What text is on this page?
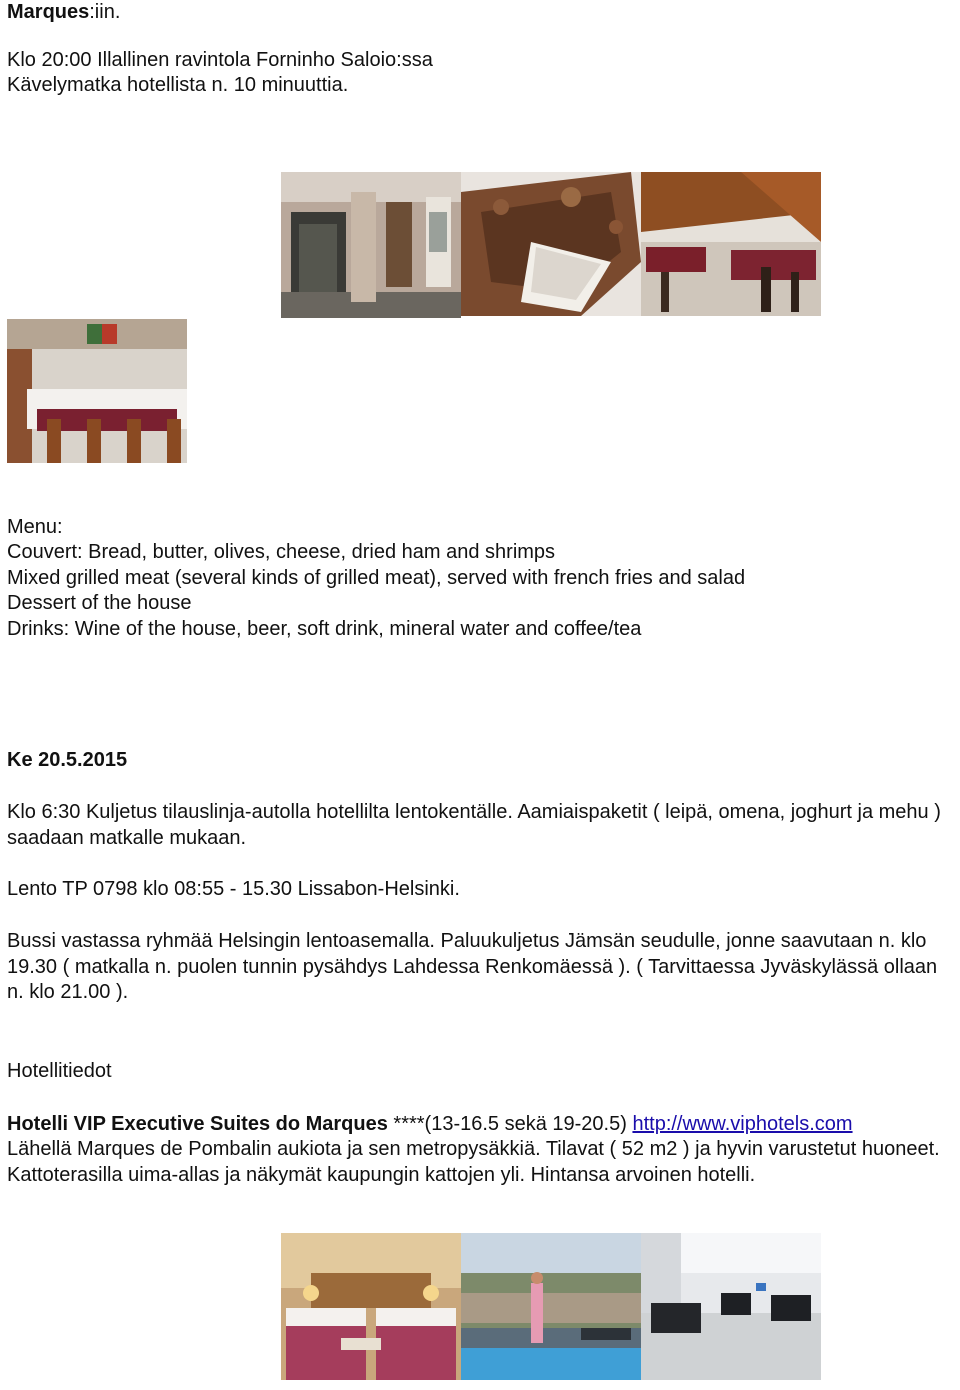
Marques:iin.

Klo 20:00 Illallinen ravintola Forninho Saloio:ssa

Kävelymatka hotellista n. 10 minuuttia.

Menu:

Couvert: Bread, butter, olives, cheese, dried ham and shrimps

Mixed grilled meat (several kinds of grilled meat), served with french fries and salad

Dessert of the house

Drinks: Wine of the house, beer, soft drink, mineral water and coffee/tea

Ke 20.5.2015

Klo 6:30 Kuljetus tilauslinja-autolla hotellilta lentokentälle. Aamiaispaketit ( leipä, omena, joghurt ja mehu ) saadaan matkalle mukaan.

Lento TP 0798 klo 08:55 - 15.30 Lissabon-Helsinki.

Bussi vastassa ryhmää Helsingin lentoasemalla. Paluukuljetus Jämsän seudulle, jonne saavutaan n. klo 19.30 ( matkalla n. puolen tunnin pysähdys Lahdessa Renkomäessä ). ( Tarvittaessa Jyväskylässä ollaan n. klo 21.00 ).

Hotellitiedot

Hotelli VIP Executive Suites do Marques ****(13-16.5 sekä 19-20.5) http://www.viphotels.com

Lähellä Marques de Pombalin aukiota ja sen metropysäkkiä. Tilavat ( 52 m2 ) ja hyvin varustetut huoneet. Kattoterasilla uima-allas ja näkymät kaupungin kattojen yli. Hintansa arvoinen hotelli.
